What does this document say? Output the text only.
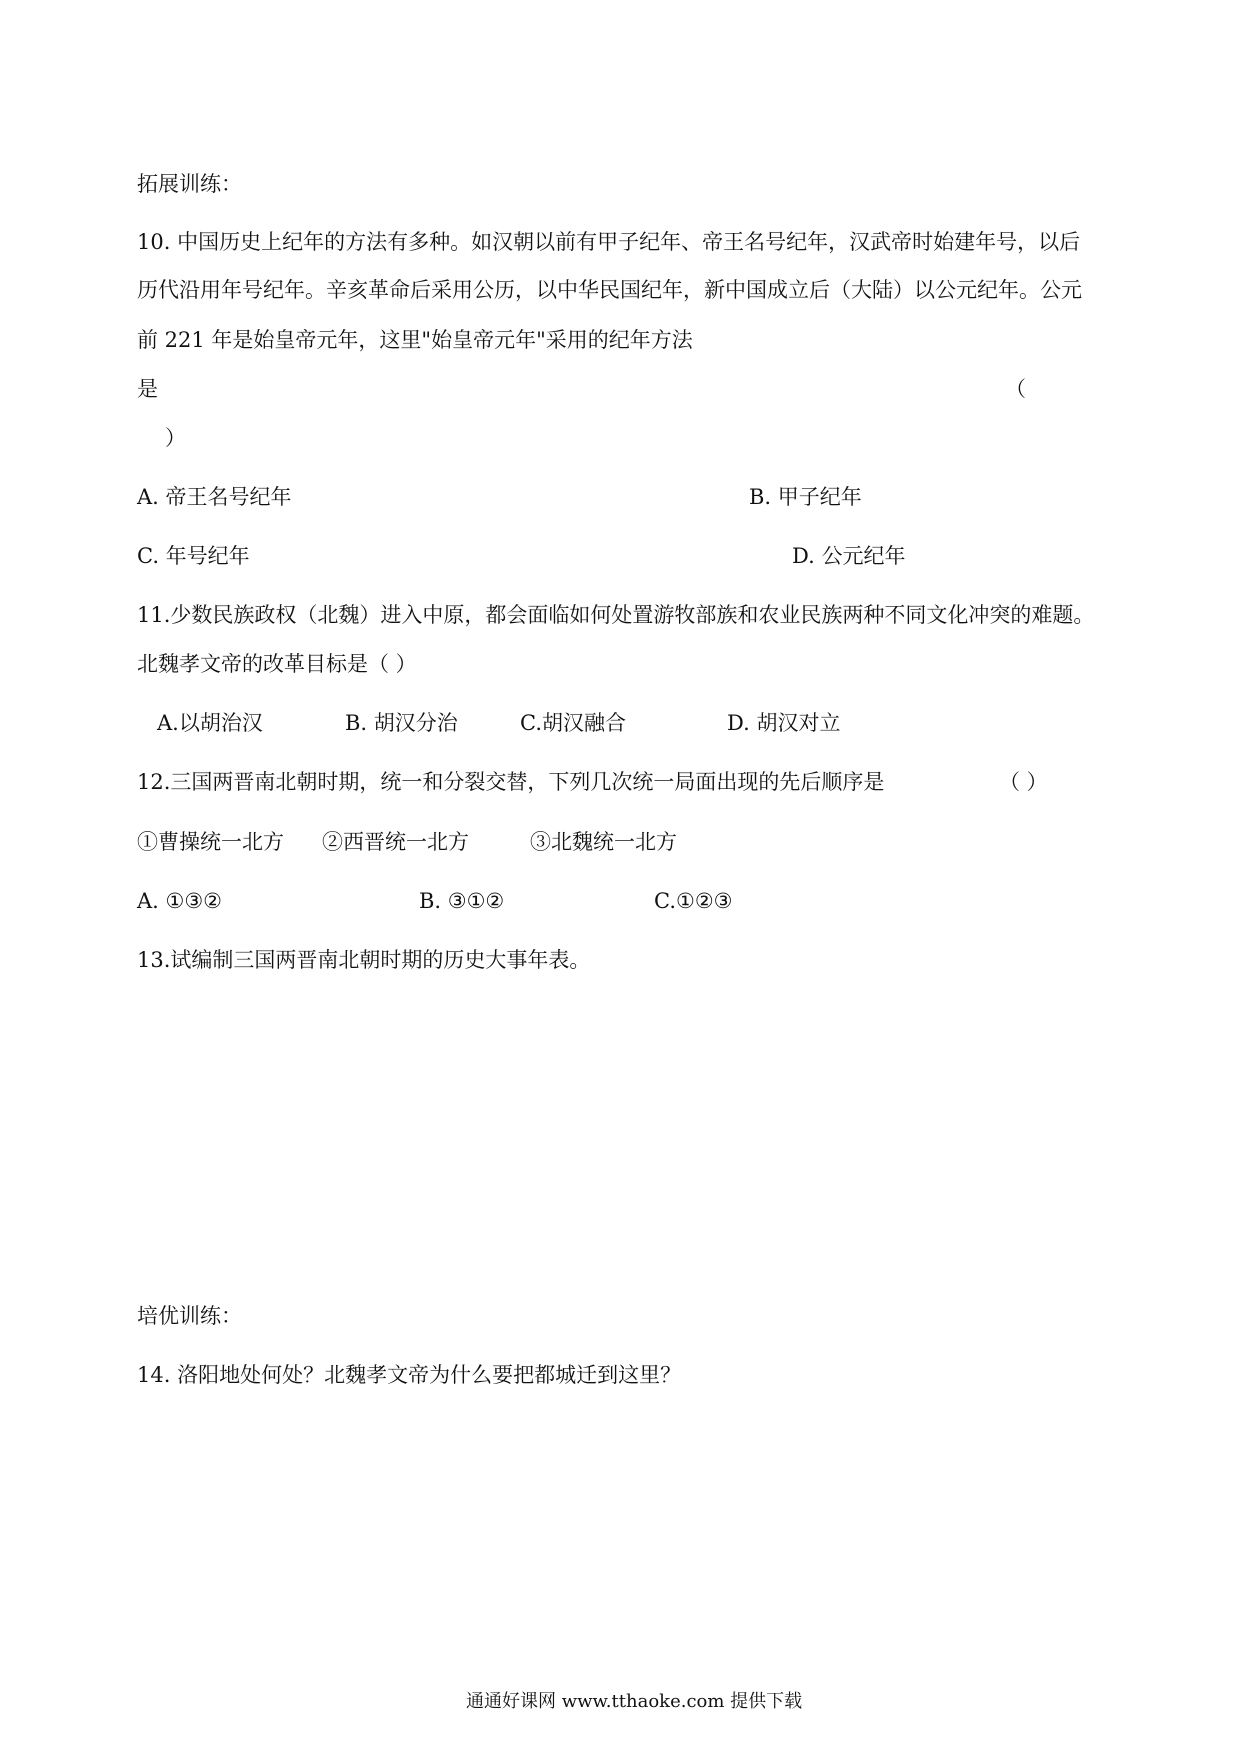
拓展训练：
10. 中国历史上纪年的方法有多种。如汉朝以前有甲子纪年、帝王名号纪年，汉武帝时始建年号，以后
历代沿用年号纪年。辛亥革命后采用公历，以中华民国纪年，新中国成立后（大陆）以公元纪年。公元
前 221 年是始皇帝元年，这里"始皇帝元年"采用的纪年方法
是	（
）
A. 帝王名号纪年	B. 甲子纪年
C. 年号纪年	D. 公元纪年
11.少数民族政权（北魏）进入中原，都会面临如何处置游牧部族和农业民族两种不同文化冲突的难题。
北魏孝文帝的改革目标是（ ）
A.以胡治汉	B. 胡汉分治	C.胡汉融合	D. 胡汉对立
12.三国两晋南北朝时期，统一和分裂交替，下列几次统一局面出现的先后顺序是	（ ）
①曹操统一北方 ②西晋统一北方	③北魏统一北方
A. ①③②	B. ③①②	C.①②③
13.试编制三国两晋南北朝时期的历史大事年表。
培优训练：
14. 洛阳地处何处？北魏孝文帝为什么要把都城迁到这里？
通通好课网 www.tthaoke.com 提供下载
